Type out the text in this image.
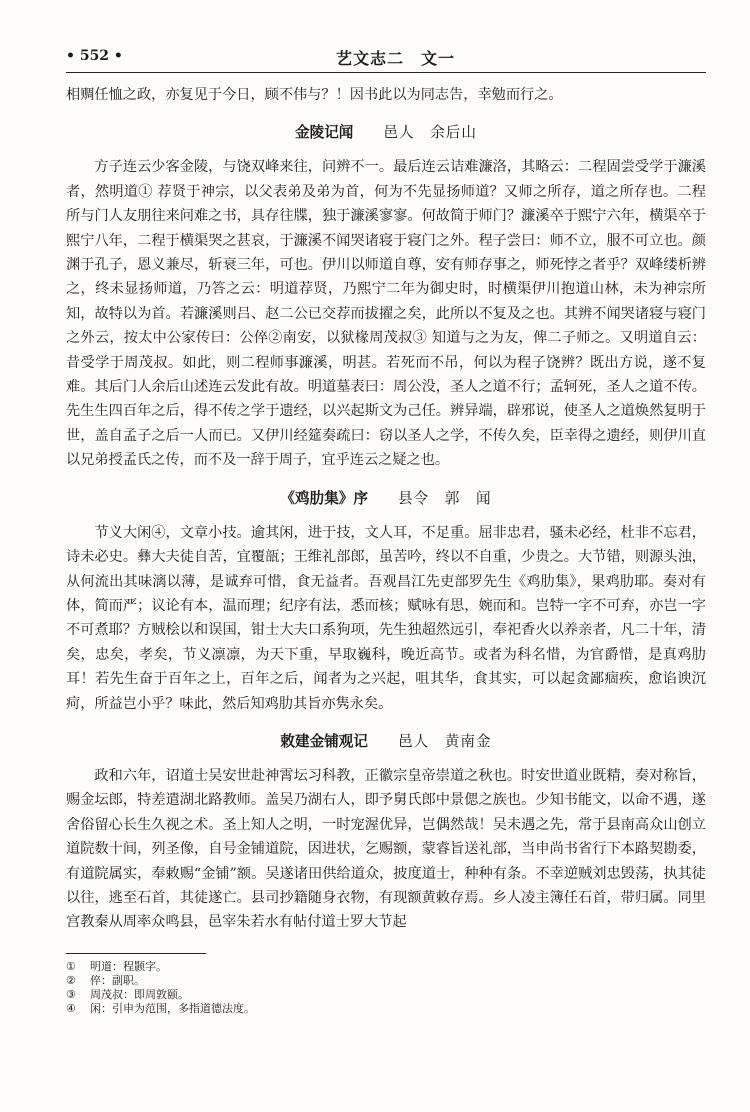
• 552 •	艺文志二　文一

相赒任恤之政，亦复见于今日，顾不伟与？！因书此以为同志告，幸勉而行之。

金陵记闻 邑人　余后山

方子连云少客金陵，与饶双峰来往，问辨不一。最后连云诘难濂洛，其略云：二程固尝受学于濂溪者，然明道① 荐贤于神宗，以父表弟及弟为首，何为不先显扬师道？又师之所存，道之所存也。二程所与门人友朋往来问难之书，具存往牒，独于濂溪寥寥。何故简于师门？濂溪卒于熙宁六年，横渠卒于熙宁八年，二程于横渠哭之甚哀，于濂溪不闻哭诸寝于寝门之外。程子尝曰：师不立，服不可立也。颜渊于孔子，恩义兼尽，斩衰三年，可也。伊川以师道自尊，安有师存事之，师死悖之者乎？双峰缕析辨之，终未显扬师道，乃答之云：明道荐贤，乃熙宁二年为御史时，时横渠伊川抱道山林，未为神宗所知，故特以为首。若濂溪则吕、赵二公已交荐而拔擢之矣，此所以不复及之也。其辨不闻哭诸寝与寝门之外云，按太中公家传曰：公倅②南安，以狱椽周茂叔③ 知道与之为友，俾二子师之。又明道自云：昔受学于周茂叔。如此，则二程师事濂溪，明甚。若死而不吊，何以为程子饶辨？既出方说，遂不复难。其后门人余后山述连云发此有故。明道墓表曰：周公没，圣人之道不行；孟轲死，圣人之道不传。先生生四百年之后，得不传之学于遗经，以兴起斯文为己任。辨异端，辟邪说，使圣人之道焕然复明于世，盖自孟子之后一人而已。又伊川经筵奏疏曰：窃以圣人之学，不传久矣，臣幸得之遗经，则伊川直以兄弟授孟氏之传，而不及一辞于周子，宜乎连云之疑之也。

《鸡肋集》序 县令　郭　闻

节义大闲④，文章小技。逾其闲，进于技，文人耳，不足重。屈非忠君，骚未必经，杜非不忘君，诗未必史。彝大夫徒自苦，宜覆瓿；王维礼部郎，虽苦吟，终以不自重，少贵之。大节错，则源头浊，从何流出其味漓以薄，是诚弃可惜，食无益者。吾观昌江先吏部罗先生《鸡肋集》，果鸡肋耶。奏对有体，简而严；议论有本，温而理；纪序有法，悉而核；赋咏有思，婉而和。岂特一字不可弃，亦岂一字不可煮耶？方贼桧以和误国，钳士大夫口系狗项，先生独超然远引，奉祀香火以养亲者，凡二十年，清矣，忠矣，孝矣，节义凛凛，为天下重，早取巍科，晚近高节。或者为科名惜，为官爵惜，是真鸡肋耳！若先生奋于百年之上，百年之后，闻者为之兴起，咀其华，食其实，可以起贪鄙痼疾，愈谄谀沉疴，所益岂小乎？味此，然后知鸡肋其旨亦隽永矣。

敕建金铺观记 邑人　黄南金

政和六年，诏道士吴安世赴神霄坛习科教，正徽宗皇帝崇道之秋也。时安世道业既精，奏对称旨，赐金坛郎，特差遣湖北路教师。盖吴乃湖右人，即予舅氏郎中景偲之族也。少知书能文，以命不遇，遂舍俗留心长生久视之术。圣上知人之明，一时宠渥优异，岂偶然哉！吴未遇之先，常于县南高众山创立道院数十间，列圣像，自号金铺道院，因进状，乞赐额，蒙睿旨送礼部，当申尚书省行下本路契勘委，有道院属实，奉敕赐“金铺”额。吴遂诸田供给道众，披度道士，种种有条。不幸逆贼刘忠毁荡，执其徒以往，逃至石首，其徒遂亡。县司抄籍随身衣物，有现额黄敕存焉。乡人凌主簿任石首，带归属。同里宫教秦从周率众鸣县，邑宰朱若水有帖付道士罗大节起

①	明道：程颢字。
②	倅：副职。
③	周茂叔：即周敦颐。
④	闲：引申为范围，多指道德法度。
